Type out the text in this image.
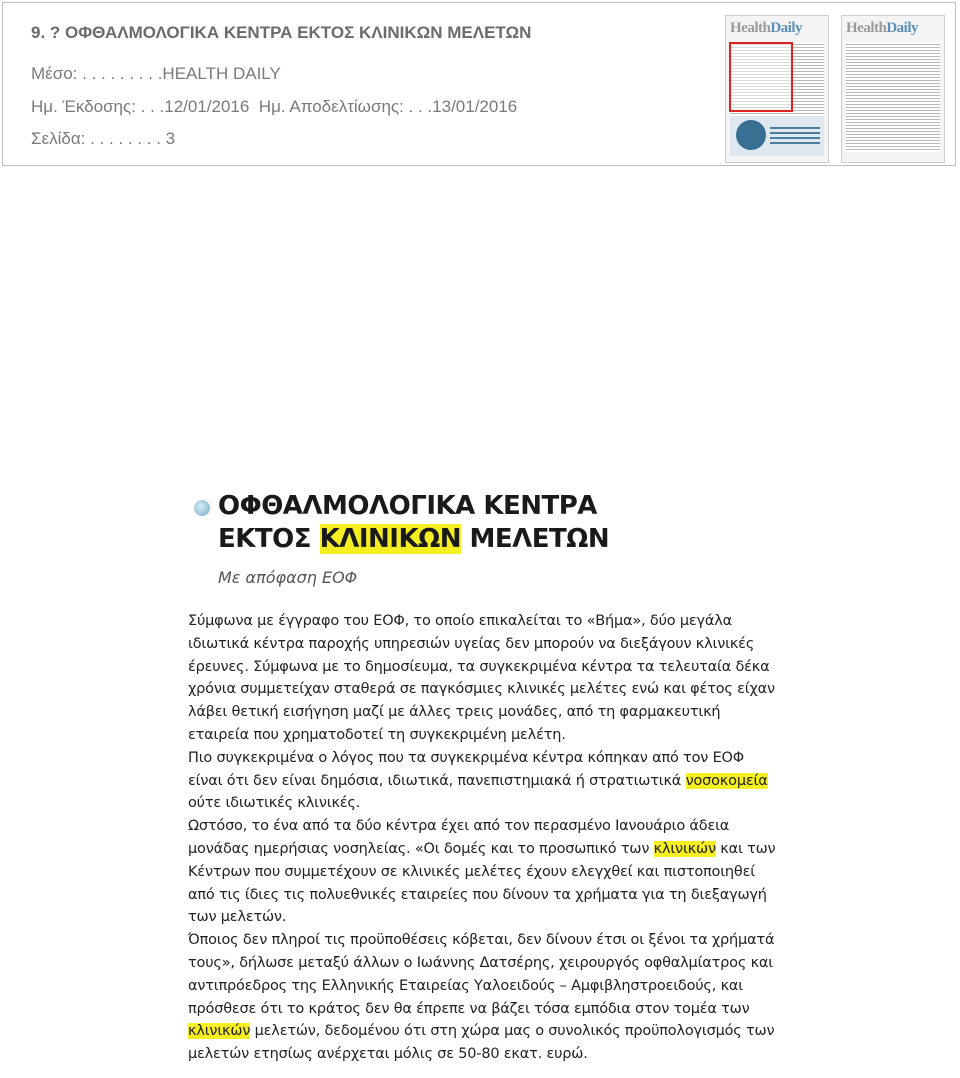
9. ? ΟΦΘΑΛΜΟΛΟΓΙΚΑ ΚΕΝΤΡΑ ΕΚΤΟΣ ΚΛΙΝΙΚΩΝ ΜΕΛΕΤΩΝ
Μέσο: . . . . . . . . .HEALTH DAILY
Ημ. Έκδοσης: . . .12/01/2016  Ημ. Αποδελτίωσης: . . .13/01/2016
Σελίδα: . . . . . . . . 3
HealthDaily	HealthDaily
ΟΦΘΑΛΜΟΛΟΓΙΚΑ ΚΕΝΤΡΑ
ΕΚΤΟΣ ΚΛΙΝΙΚΩΝ ΜΕΛΕΤΩΝ
Με απόφαση ΕΟΦ

Σύμφωνα με έγγραφο του ΕΟΦ, το οποίο επικαλείται το «Βήμα», δύο μεγάλα ιδιωτικά κέντρα παροχής υπηρεσιών υγείας δεν μπορούν να διεξάγουν κλινικές έρευνες. Σύμφωνα με το δημοσίευμα, τα συγκεκριμένα κέντρα τα τελευταία δέκα χρόνια συμμετείχαν σταθερά σε παγκόσμιες κλινικές μελέτες ενώ και φέτος είχαν λάβει θετική εισήγηση μαζί με άλλες τρεις μονάδες, από τη φαρμακευτική εταιρεία που χρηματοδοτεί τη συγκεκριμένη μελέτη.

Πιο συγκεκριμένα ο λόγος που τα συγκεκριμένα κέντρα κόπηκαν από τον ΕΟΦ είναι ότι δεν είναι δημόσια, ιδιωτικά, πανεπιστημιακά ή στρατιωτικά νοσοκομεία ούτε ιδιωτικές κλινικές.

Ωστόσο, το ένα από τα δύο κέντρα έχει από τον περασμένο Ιανουάριο άδεια μονάδας ημερήσιας νοσηλείας. «Οι δομές και το προσωπικό των κλινικών και των Κέντρων που συμμετέχουν σε κλινικές μελέτες έχουν ελεγχθεί και πιστοποιηθεί από τις ίδιες τις πολυεθνικές εταιρείες που δίνουν τα χρήματα για τη διεξαγωγή των μελετών.

Όποιος δεν πληροί τις προϋποθέσεις κόβεται, δεν δίνουν έτσι οι ξένοι τα χρήματά τους», δήλωσε μεταξύ άλλων ο Ιωάννης Δατσέρης, χειρουργός οφθαλμίατρος και αντιπρόεδρος της Ελληνικής Εταιρείας Υαλοειδούς – Αμφιβληστροειδούς, και πρόσθεσε ότι το κράτος δεν θα έπρεπε να βάζει τόσα εμπόδια στον τομέα των κλινικών μελετών, δεδομένου ότι στη χώρα μας ο συνολικός προϋπολογισμός των μελετών ετησίως ανέρχεται μόλις σε 50-80 εκατ. ευρώ.
